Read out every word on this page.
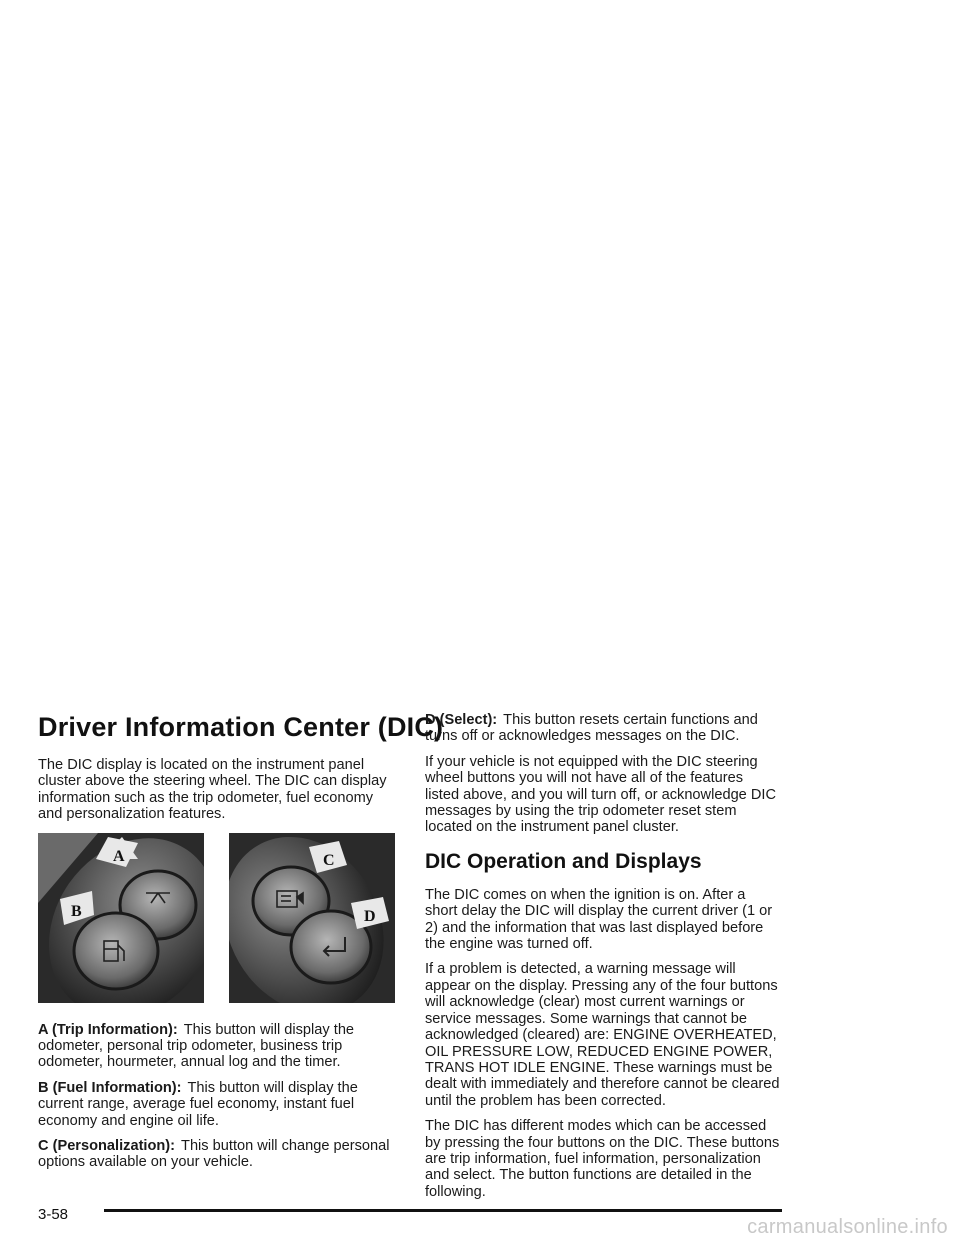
Driver Information Center (DIC)

The DIC display is located on the instrument panel cluster above the steering wheel. The DIC can display information such as the trip odometer, fuel economy and personalization features.

A
B
C
D

A (Trip Information): This button will display the odometer, personal trip odometer, business trip odometer, hourmeter, annual log and the timer.

B (Fuel Information): This button will display the current range, average fuel economy, instant fuel economy and engine oil life.

C (Personalization): This button will change personal options available on your vehicle.

D (Select): This button resets certain functions and turns off or acknowledges messages on the DIC.

If your vehicle is not equipped with the DIC steering wheel buttons you will not have all of the features listed above, and you will turn off, or acknowledge DIC messages by using the trip odometer reset stem located on the instrument panel cluster.

DIC Operation and Displays

The DIC comes on when the ignition is on. After a short delay the DIC will display the current driver (1 or 2) and the information that was last displayed before the engine was turned off.

If a problem is detected, a warning message will appear on the display. Pressing any of the four buttons will acknowledge (clear) most current warnings or service messages. Some warnings that cannot be acknowledged (cleared) are: ENGINE OVERHEATED, OIL PRESSURE LOW, REDUCED ENGINE POWER, TRANS HOT IDLE ENGINE. These warnings must be dealt with immediately and therefore cannot be cleared until the problem has been corrected.

The DIC has different modes which can be accessed by pressing the four buttons on the DIC. These buttons are trip information, fuel information, personalization and select. The button functions are detailed in the following.

3-58
carmanualsonline.info
